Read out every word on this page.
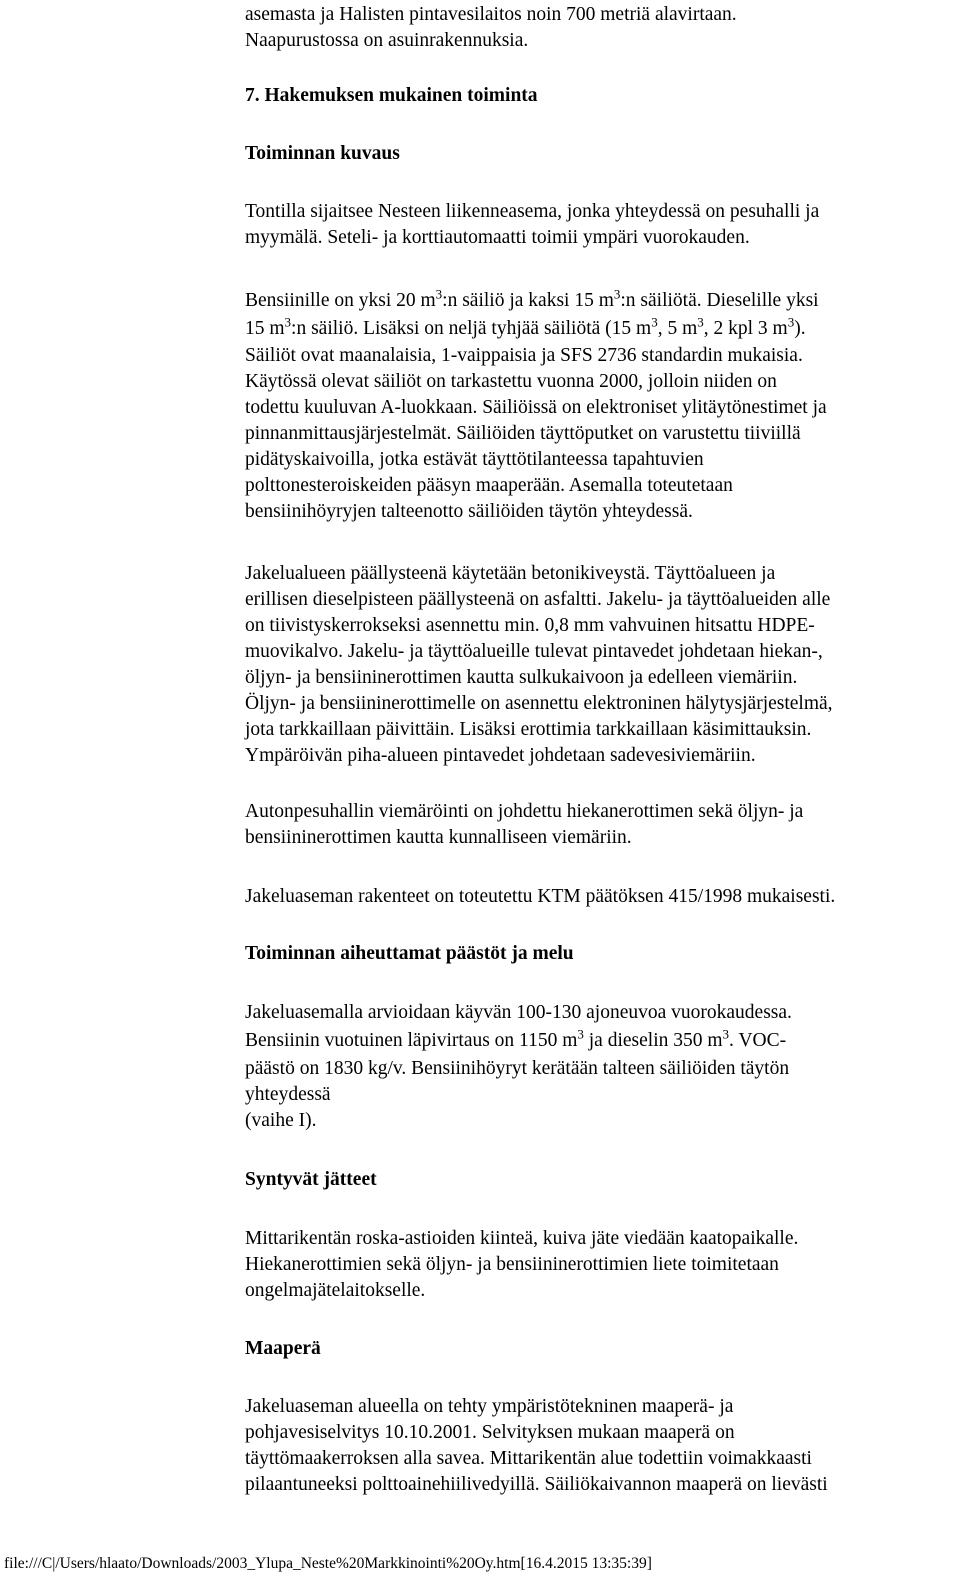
asemasta ja Halisten pintavesilaitos noin 700 metriä alavirtaan.
Naapurustossa on asuinrakennuksia.

7. Hakemuksen mukainen toiminta

Toiminnan kuvaus

Tontilla sijaitsee Nesteen liikenneasema, jonka yhteydessä on pesuhalli ja
myymälä. Seteli- ja korttiautomaatti toimii ympäri vuorokauden.

Bensiinille on yksi 20 $m^3:n$ säiliö ja kaksi 15 $m^3:n$ säiliötä. Dieselille yksi
15 $m^3:n$ säiliö. Lisäksi on neljä tyhjää säiliötä (15 $m^3$, 5 $m^3$, 2 kpl 3 $m^3$).

Säiliöt ovat maanalaisia, 1-vaippaisia ja SFS 2736 standardin mukaisia.
Käytössä olevat säiliöt on tarkastettu vuonna 2000, jolloin niiden on
todettu kuuluvan A-luokkaan. Säiliöissä on elektroniset ylitäytönestimet ja
pinnanmittausjärjestelmät. Säiliöiden täyttöputket on varustettu tiiviillä
pidätyskaivoilla, jotka estävät täyttötilanteessa tapahtuvien
polttonesteroiskeiden pääsyn maaperään. Asemalla toteutetaan
bensiinihöyryjen talteenotto säiliöiden täytön yhteydessä.

Jakelualueen päällysteenä käytetään betonikiveystä. Täyttöalueen ja
erillisen dieselpisteen päällysteenä on asfaltti. Jakelu- ja täyttöalueiden alle
on tiivistyskerrokseksi asennettu min. 0,8 mm vahvuinen hitsattu HDPE-
muovikalvo. Jakelu- ja täyttöalueille tulevat pintavedet johdetaan hiekan-,
öljyn- ja bensiininerottimen kautta sulkukaivoon ja edelleen viemäriin.
Öljyn- ja bensiininerottimelle on asennettu elektroninen hälytysjärjestelmä,
jota tarkkaillaan päivittäin. Lisäksi erottimia tarkkaillaan käsimittauksin.
Ympäröivän piha-alueen pintavedet johdetaan sadevesiviemäriin.

Autonpesuhallin viemäröinti on johdettu hiekanerottimen sekä öljyn- ja
bensiininerottimen kautta kunnalliseen viemäriin.

Jakeluaseman rakenteet on toteutettu KTM päätöksen 415/1998 mukaisesti.

Toiminnan aiheuttamat päästöt ja melu

Jakeluasemalla arvioidaan käyvän 100-130 ajoneuvoa vuorokaudessa.

Bensiinin vuotuinen läpivirtaus on 1150 $m^3$ ja dieselin 350 $m^3$. VOC-

päästö on 1830 kg/v. Bensiinihöyryt kerätään talteen säiliöiden täytön
yhteydessä
(vaihe I).

Syntyvät jätteet

Mittarikentän roska-astioiden kiinteä, kuiva jäte viedään kaatopaikalle.
Hiekanerottimien sekä öljyn- ja bensiininerottimien liete toimitetaan
ongelmajätelaitokselle.

Maaperä

Jakeluaseman alueella on tehty ympäristötekninen maaperä- ja
pohjavesiselvitys 10.10.2001. Selvityksen mukaan maaperä on
täyttömaakerroksen alla savea. Mittarikentän alue todettiin voimakkaasti
pilaantuneeksi polttoainehiilivedyillä. Säiliökaivannon maaperä on lievästi

file:///C|/Users/hlaato/Downloads/2003_Ylupa_Neste%20Markkinointi%20Oy.htm[16.4.2015 13:35:39]
